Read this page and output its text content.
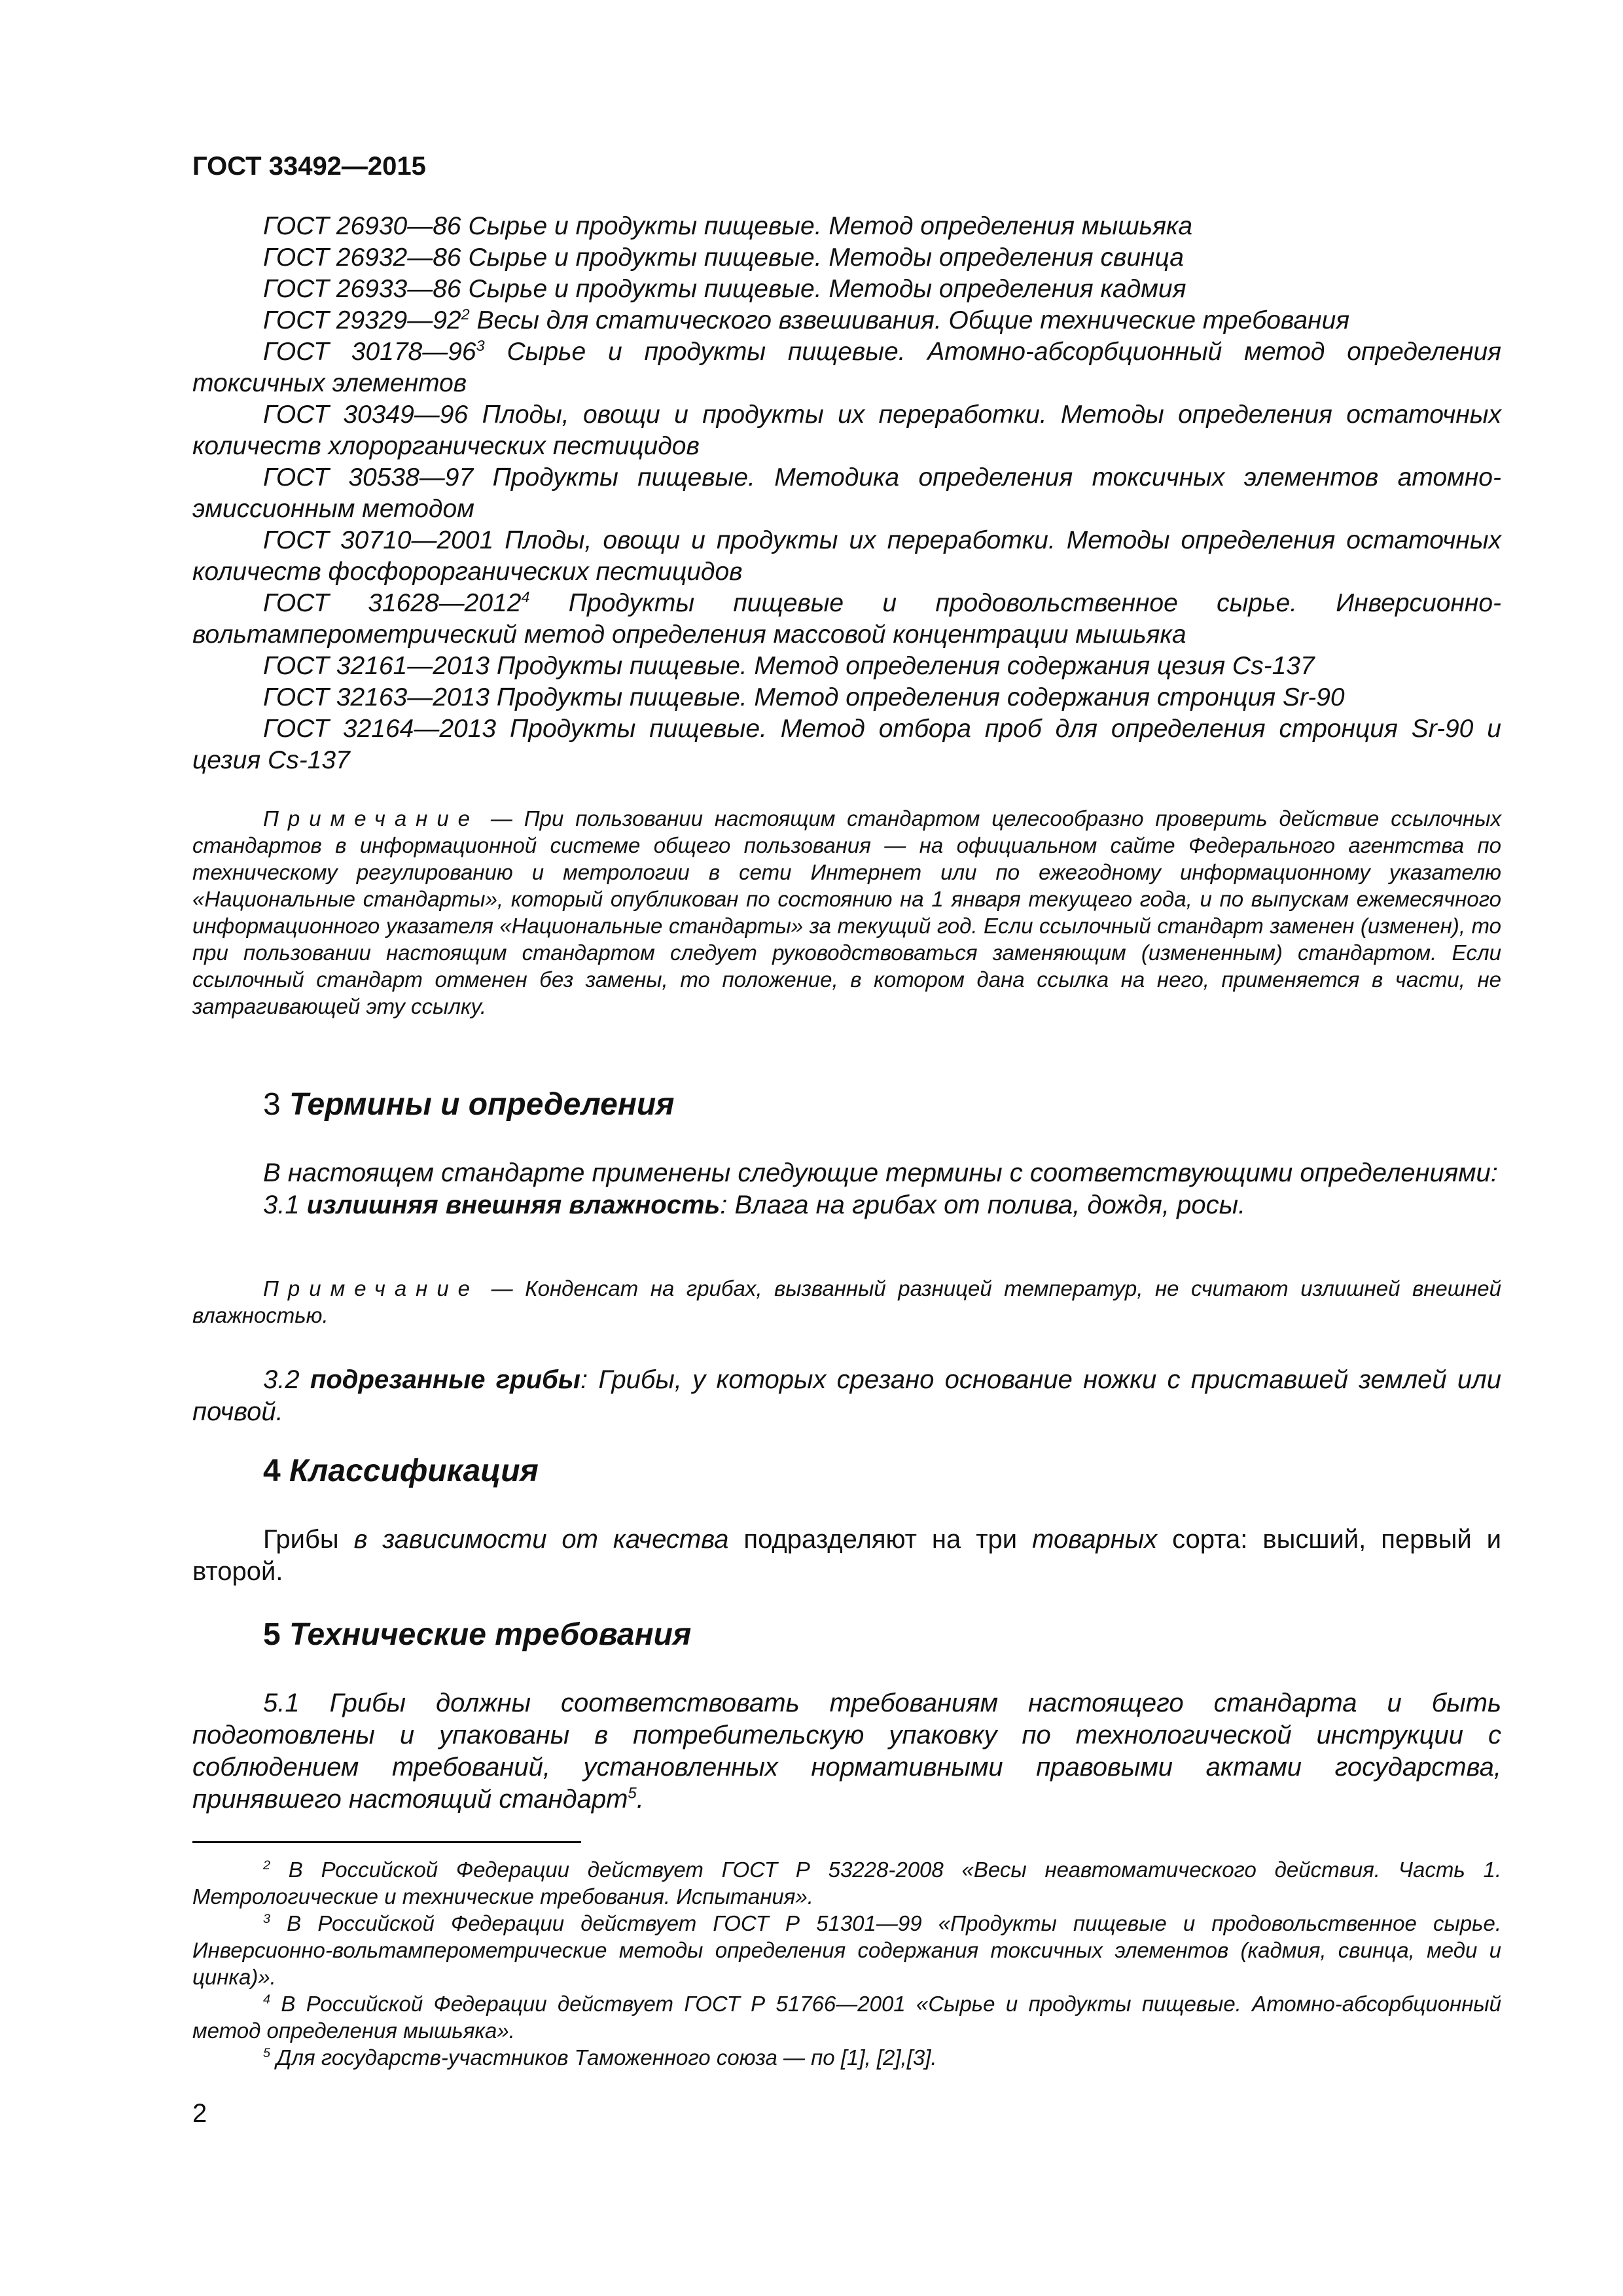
ГОСТ 33492—2015

ГОСТ 26930—86 Сырье и продукты пищевые. Метод определения мышьяка

ГОСТ 26932—86 Сырье и продукты пищевые. Методы определения свинца

ГОСТ 26933—86 Сырье и продукты пищевые. Методы определения кадмия

ГОСТ $29329—92^2$ Весы для статического взвешивания. Общие технические требования

ГОСТ $30178—96^3$ Сырье и продукты пищевые. Атомно-абсорбционный метод определения токсичных элементов

ГОСТ 30349—96 Плоды, овощи и продукты их переработки. Методы определения остаточных количеств хлорорганических пестицидов

ГОСТ 30538—97 Продукты пищевые. Методика определения токсичных элементов атомно-эмиссионным методом

ГОСТ 30710—2001 Плоды, овощи и продукты их переработки. Методы определения остаточных количеств фосфорорганических пестицидов

ГОСТ 31628—2012$^4$ Продукты пищевые и продовольственное сырье. Инверсионно-вольтамперометрический метод определения массовой концентрации мышьяка

ГОСТ 32161—2013 Продукты пищевые. Метод определения содержания цезия Cs-137

ГОСТ 32163—2013 Продукты пищевые. Метод определения содержания стронция Sr-90

ГОСТ 32164—2013 Продукты пищевые. Метод отбора проб для определения стронция Sr-90 и цезия Cs-137

Примечание — При пользовании настоящим стандартом целесообразно проверить действие ссылочных стандартов в информационной системе общего пользования — на официальном сайте Федерального агентства по техническому регулированию и метрологии в сети Интернет или по ежегодному информационному указателю «Национальные стандарты», который опубликован по состоянию на 1 января текущего года, и по выпускам ежемесячного информационного указателя «Национальные стандарты» за текущий год. Если ссылочный стандарт заменен (изменен), то при пользовании настоящим стандартом следует руководствоваться заменяющим (измененным) стандартом. Если ссылочный стандарт отменен без замены, то положение, в котором дана ссылка на него, применяется в части, не затрагивающей эту ссылку.

3 Термины и определения

В настоящем стандарте применены следующие термины с соответствующими определениями:

3.1 излишняя внешняя влажность: Влага на грибах от полива, дождя, росы.

Примечание — Конденсат на грибах, вызванный разницей температур, не считают излишней внешней влажностью.

3.2 подрезанные грибы: Грибы, у которых срезано основание ножки с приставшей землей или почвой.

4 Классификация

Грибы в зависимости от качества подразделяют на три товарных сорта: высший, первый и второй.

5 Технические требования

5.1 Грибы должны соответствовать требованиям настоящего стандарта и быть подготовлены и упакованы в потребительскую упаковку по технологической инструкции с соблюдением требований, установленных нормативными правовыми актами государства, принявшего настоящий стандарт$^5$.

$^2$ В Российской Федерации действует ГОСТ Р 53228-2008 «Весы неавтоматического действия. Часть 1. Метрологические и технические требования. Испытания».

$^3$ В Российской Федерации действует ГОСТ Р 51301—99 «Продукты пищевые и продовольственное сырье. Инверсионно-вольтамперометрические методы определения содержания токсичных элементов (кадмия, свинца, меди и цинка)».

$^4$ В Российской Федерации действует ГОСТ Р 51766—2001 «Сырье и продукты пищевые. Атомно-абсорбционный метод определения мышьяка».

$^5$ Для государств-участников Таможенного союза — по [1], [2],[3].

2
